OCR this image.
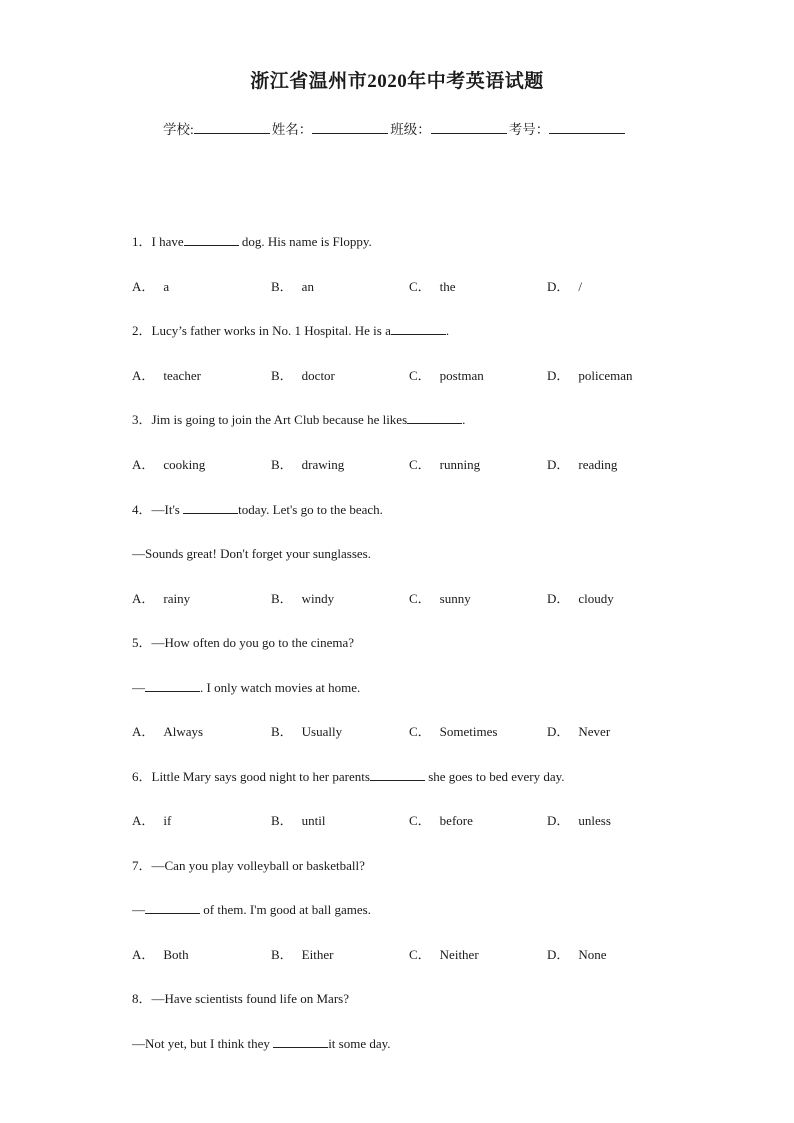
浙江省温州市2020年中考英语试题
学校:	姓名：	班级：	考号：
1．I have	dog. His name is Floppy.
A． a	B． an	C． the	D． /
2．Lucy’s father works in No. 1 Hospital. He is a	.
A． teacher	B． doctor	C． postman	D． policeman
3．Jim is going to join the Art Club because he likes	.
A． cooking	B． drawing	C． running	D． reading
4．—It's	today. Let's go to the beach.
—Sounds great! Don't forget your sunglasses.
A． rainy	B． windy	C． sunny	D． cloudy
5．—How often do you go to the cinema?
—	. I only watch movies at home.
A． Always	B． Usually	C． Sometimes	D． Never
6．Little Mary says good night to her parents	she goes to bed every day.
A． if	B． until	C． before	D． unless
7．—Can you play volleyball or basketball?
—	of them. I'm good at ball games.
A． Both	B． Either	C． Neither	D． None
8．—Have scientists found life on Mars?
—Not yet, but I think they	it some day.
